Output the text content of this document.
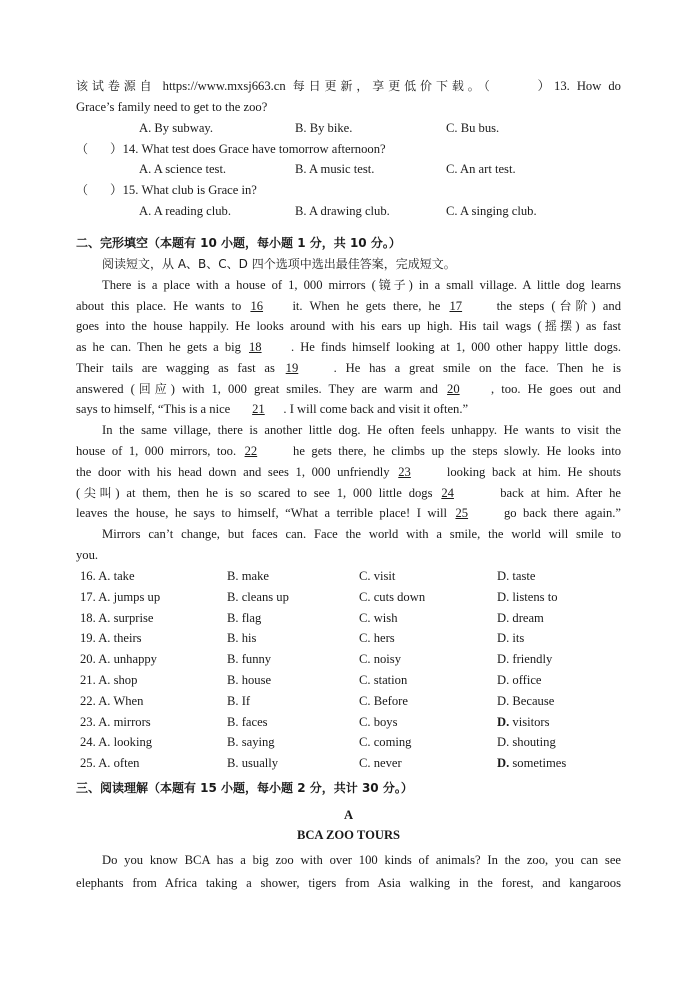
该试卷源自 https://www.mxsj663.cn 每日更新，享更低价下载。（	）13. How do
Grace’s family need to get to the zoo?
A. By subway.	B. By bike.	C. Bu bus.
（ ）14. What test does Grace have tomorrow afternoon?
A. A science test.	B. A music test.	C. An art test.
（ ）15. What club is Grace in?
A. A reading club.	B. A drawing club.	C. A singing club.
二、完形填空（本题有 10 小题，每小题 1 分，共 10 分。）
阅读短文，从 A、B、C、D 四个选项中选出最佳答案，完成短文。
There is a place with a house of 1, 000 mirrors (镜子) in a small village. A little dog learns
about this place. He wants to 16 it. When he gets there, he 17 the steps (台阶) and
goes into the house happily. He looks around with his ears up high. His tail wags (摇摆) as fast
as he can. Then he gets a big 18 . He finds himself looking at 1, 000 other happy little dogs.
Their tails are wagging as fast as 19	. He has a great smile on the face. Then he is
answered (回应) with 1, 000 great smiles. They are warm and 20 , too. He goes out and
says to himself, “This is a nice 21 . I will come back and visit it often.”
In the same village, there is another little dog. He often feels unhappy. He wants to visit the
house of 1, 000 mirrors, too. 22 he gets there, he climbs up the steps slowly. He looks into
the door with his head down and sees 1, 000 unfriendly 23 looking back at him. He shouts
(尖叫) at them, then he is so scared to see 1, 000 little dogs 24	back at him. After he
leaves the house, he says to himself, “What a terrible place! I will 25 go back there again.”
Mirrors can’t change, but faces can. Face the world with a smile, the world will smile to
you.
16. A. take	B. make	C. visit	D. taste
17. A. jumps up	B. cleans up	C. cuts down	D. listens to
18. A. surprise	B. flag	C. wish	D. dream
19. A. theirs	B. his	C. hers	D. its
20. A. unhappy	B. funny	C. noisy	D. friendly
21. A. shop	B. house	C. station	D. office
22. A. When	B. If	C. Before	D. Because
23. A. mirrors	B. faces	C. boys	D. visitors
24. A. looking	B. saying	C. coming	D. shouting
25. A. often	B. usually	C. never	D. sometimes
三、阅读理解（本题有 15 小题，每小题 2 分，共计 30 分。）
A
BCA ZOO TOURS
Do you know BCA has a big zoo with over 100 kinds of animals? In the zoo, you can see
elephants from Africa taking a shower, tigers from Asia walking in the forest, and kangaroos
